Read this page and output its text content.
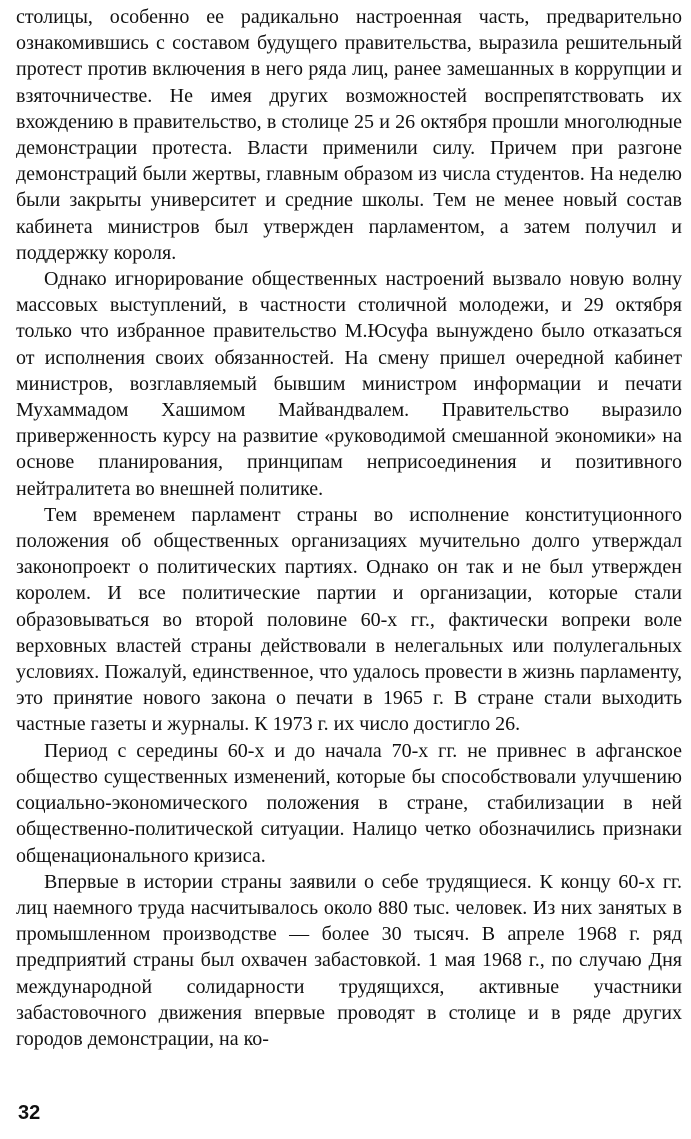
столицы, особенно ее радикально настроенная часть, предварительно ознакомившись с составом будущего правительства, выразила решительный протест против включения в него ряда лиц, ранее замешанных в коррупции и взяточничестве. Не имея других возможностей воспрепятствовать их вхождению в правительство, в столице 25 и 26 октября прошли многолюдные демонстрации протеста. Власти применили силу. Причем при разгоне демонстраций были жертвы, главным образом из числа студентов. На неделю были закрыты университет и средние школы. Тем не менее новый состав кабинета министров был утвержден парламентом, а затем получил и поддержку короля.

Однако игнорирование общественных настроений вызвало новую волну массовых выступлений, в частности столичной молодежи, и 29 октября только что избранное правительство М.Юсуфа вынуждено было отказаться от исполнения своих обязанностей. На смену пришел очередной кабинет министров, возглавляемый бывшим министром информации и печати Мухаммадом Хашимом Майвандвалем. Правительство выразило приверженность курсу на развитие «руководимой смешанной экономики» на основе планирования, принципам неприсоединения и позитивного нейтралитета во внешней политике.

Тем временем парламент страны во исполнение конституционного положения об общественных организациях мучительно долго утверждал законопроект о политических партиях. Однако он так и не был утвержден королем. И все политические партии и организации, которые стали образовываться во второй половине 60-х гг., фактически вопреки воле верховных властей страны действовали в нелегальных или полулегальных условиях. Пожалуй, единственное, что удалось провести в жизнь парламенту, это принятие нового закона о печати в 1965 г. В стране стали выходить частные газеты и журналы. К 1973 г. их число достигло 26.

Период с середины 60-х и до начала 70-х гг. не привнес в афганское общество существенных изменений, которые бы способствовали улучшению социально-экономического положения в стране, стабилизации в ней общественно-политической ситуации. Налицо четко обозначились признаки общенационального кризиса.

Впервые в истории страны заявили о себе трудящиеся. К концу 60-х гг. лиц наемного труда насчитывалось около 880 тыс. человек. Из них занятых в промышленном производстве — более 30 тысяч. В апреле 1968 г. ряд предприятий страны был охвачен забастовкой. 1 мая 1968 г., по случаю Дня международной солидарности трудящихся, активные участники забастовочного движения впервые проводят в столице и в ряде других городов демонстрации, на ко-

32
